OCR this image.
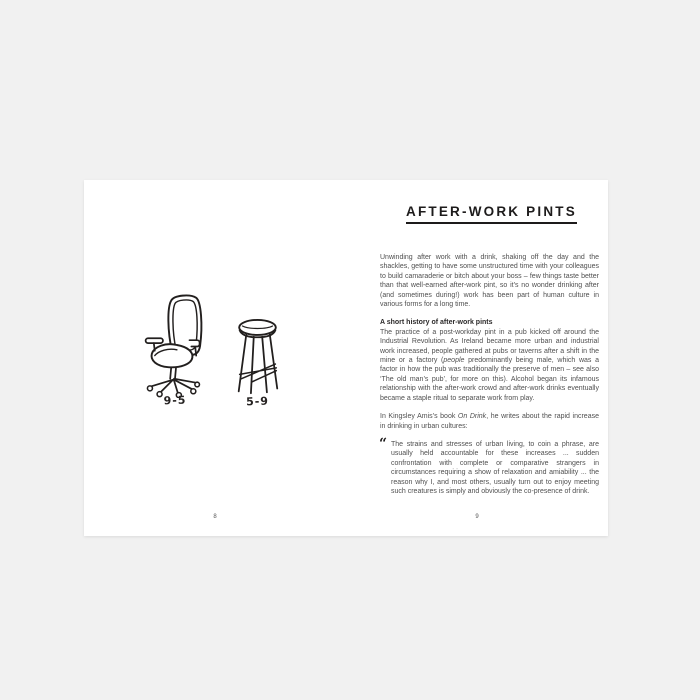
9-5	5-9
8
AFTER-WORK PINTS

Unwinding after work with a drink, shaking off the day and the shackles, getting to have some unstructured time with your colleagues to build camaraderie or bitch about your boss – few things taste better than that well-earned after-work pint, so it’s no wonder drinking after (and sometimes during!) work has been part of human culture in various forms for a long time.

A short history of after-work pints

The practice of a post-workday pint in a pub kicked off around the Industrial Revolution. As Ireland became more urban and industrial work increased, people gathered at pubs or taverns after a shift in the mine or a factory (people predominantly being male, which was a factor in how the pub was traditionally the preserve of men – see also ‘The old man’s pub’, for more on this). Alcohol began its infamous relationship with the after-work crowd and after-work drinks eventually became a staple ritual to separate work from play.

In Kingsley Amis’s book On Drink, he writes about the rapid increase in drinking in urban cultures:

“ The strains and stresses of urban living, to coin a phrase, are usually held accountable for these increases ... sudden confrontation with complete or comparative strangers in circumstances requiring a show of relaxation and amiability ... the reason why I, and most others, usually turn out to enjoy meeting such creatures is simply and obviously the co-presence of drink.

9
